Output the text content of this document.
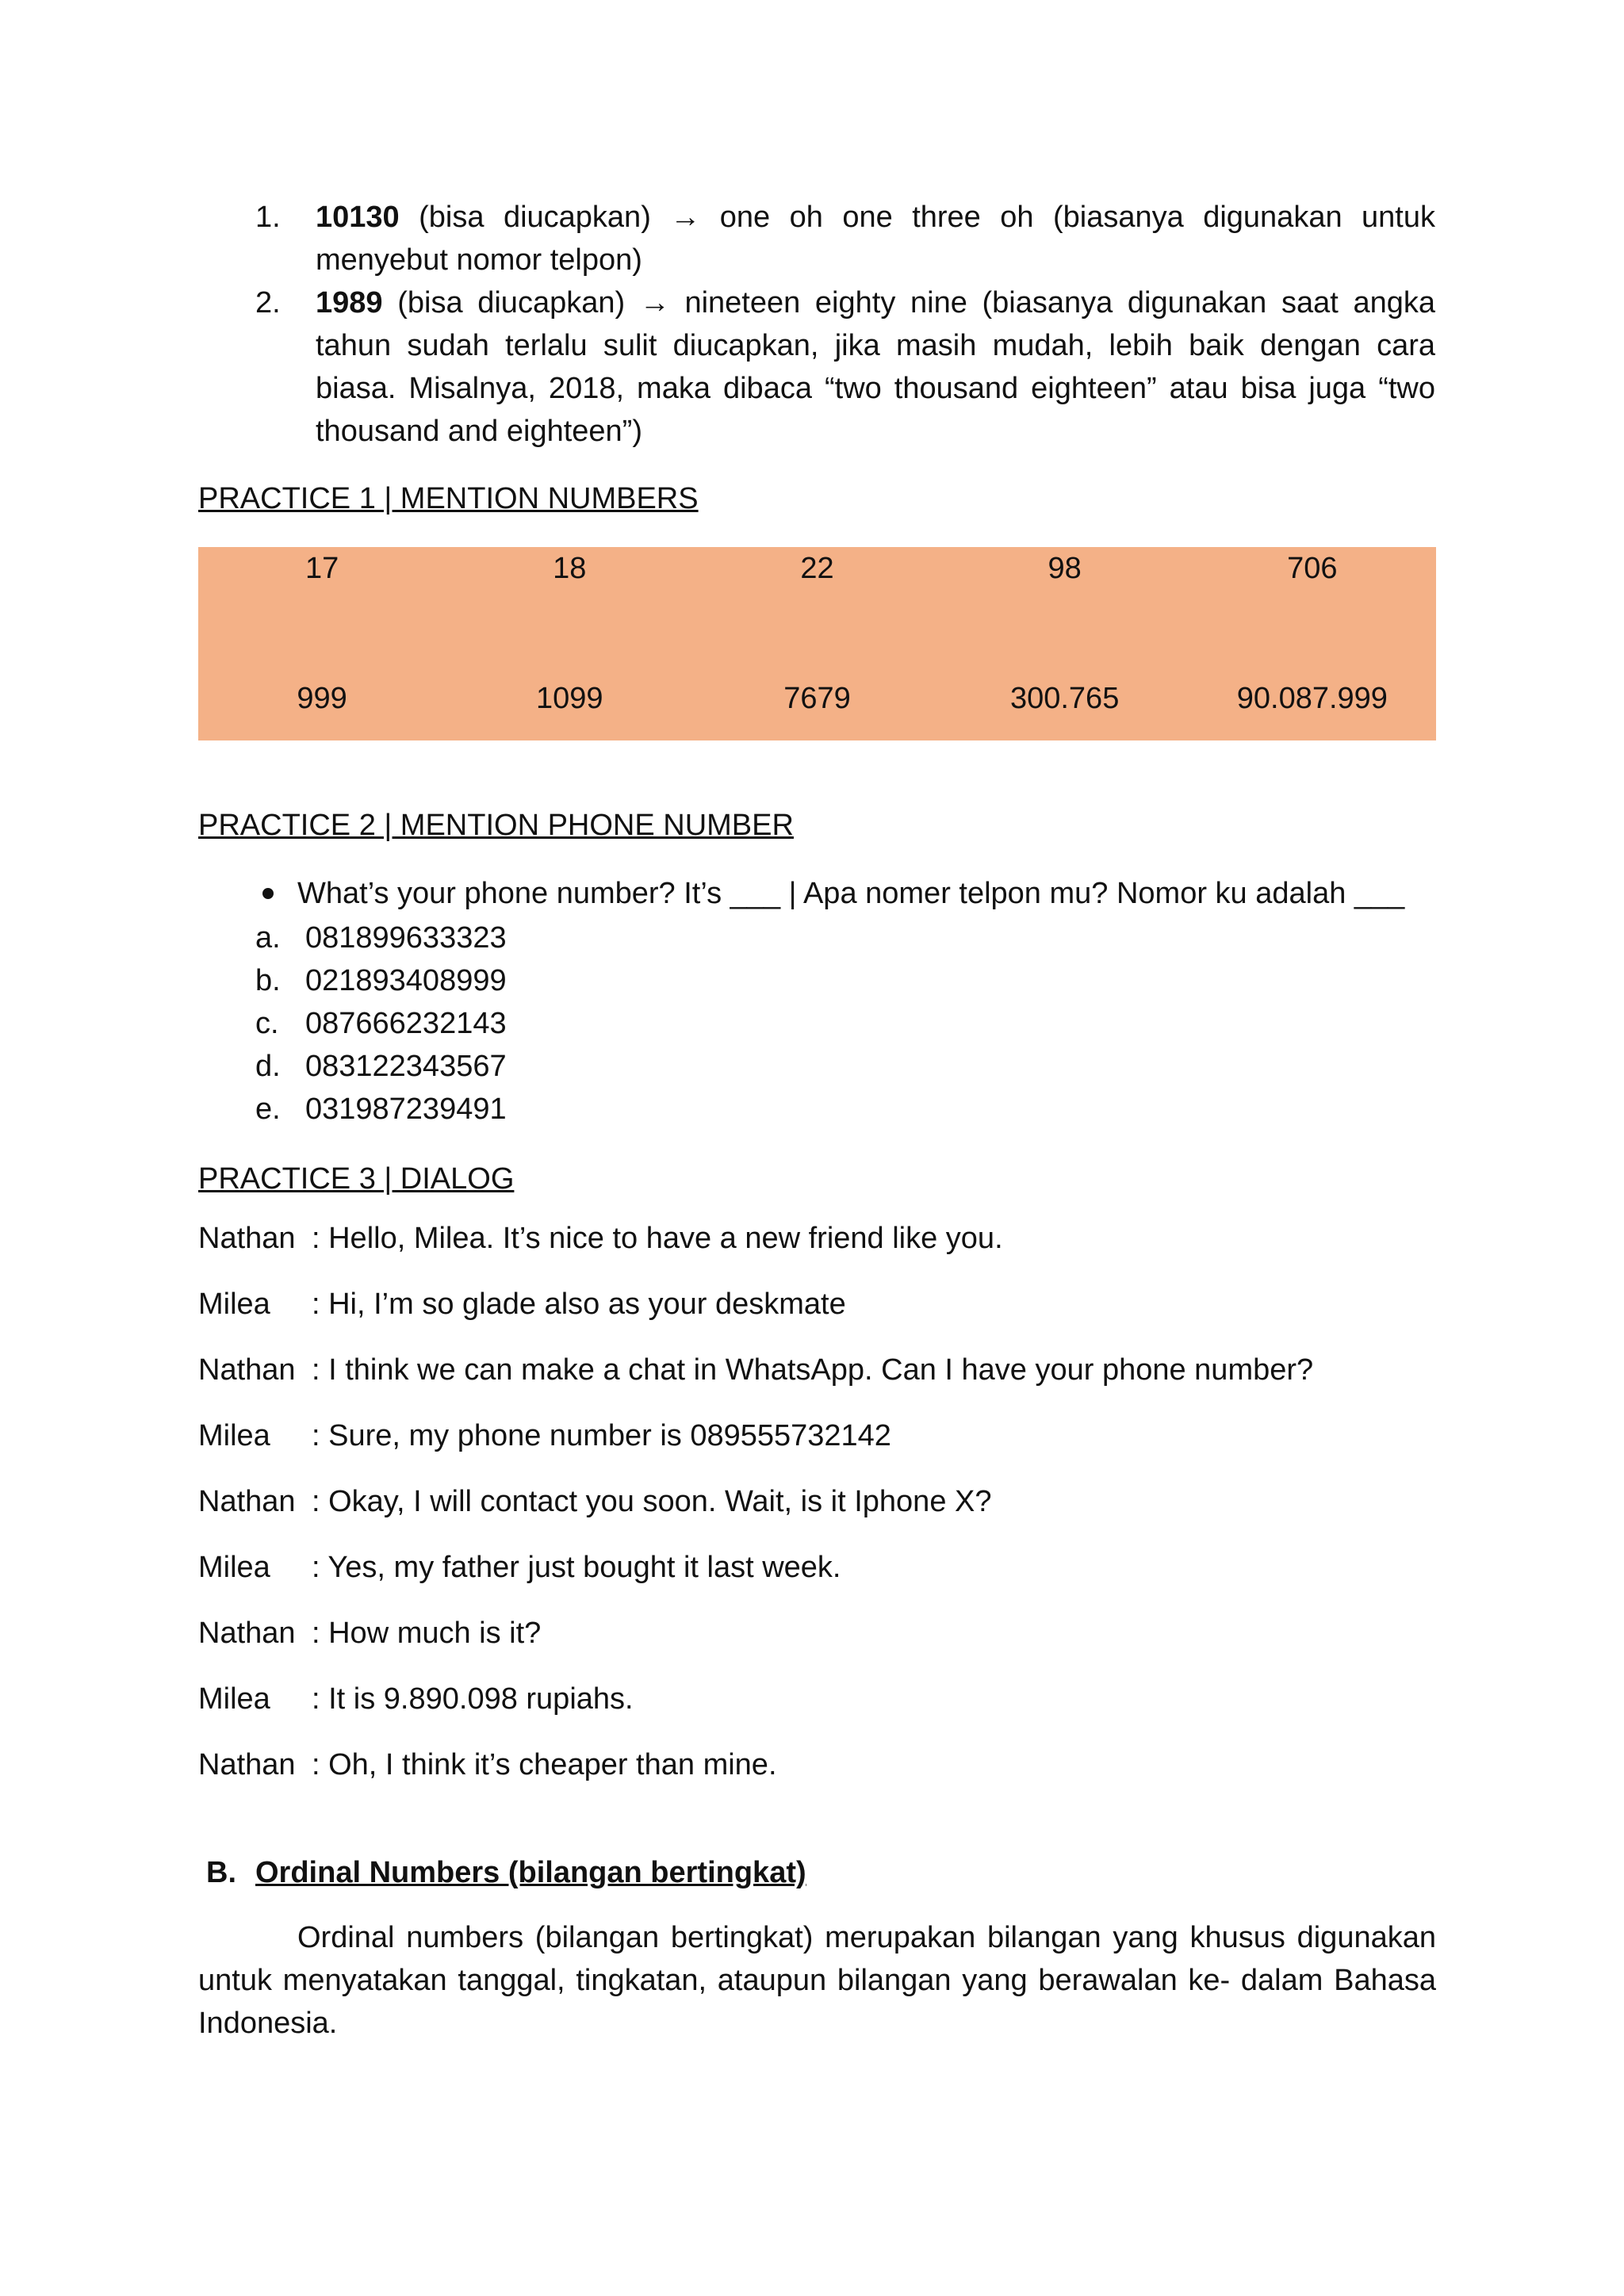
1.	10130 (bisa diucapkan) → one oh one three oh (biasanya digunakan untuk menyebut nomor telpon)
2.	1989 (bisa diucapkan) → nineteen eighty nine (biasanya digunakan saat angka tahun sudah terlalu sulit diucapkan, jika masih mudah, lebih baik dengan cara biasa. Misalnya, 2018, maka dibaca “two thousand eighteen” atau bisa juga “two thousand and eighteen”)
PRACTICE 1 | MENTION NUMBERS
17	18	22	98	706
999	1099	7679	300.765	90.087.999
PRACTICE 2 | MENTION PHONE NUMBER
What’s your phone number? It’s ___ | Apa nomer telpon mu? Nomor ku adalah ___
a. 081899633323
b. 021893408999
c. 087666232143
d. 083122343567
e. 031987239491
PRACTICE 3 | DIALOG
Nathan : Hello, Milea. It’s nice to have a new friend like you.
Milea	: Hi, I’m so glade also as your deskmate
Nathan : I think we can make a chat in WhatsApp. Can I have your phone number?
Milea	: Sure, my phone number is 089555732142
Nathan : Okay, I will contact you soon. Wait, is it Iphone X?
Milea	: Yes, my father just bought it last week.
Nathan : How much is it?
Milea	: It is 9.890.098 rupiahs.
Nathan : Oh, I think it’s cheaper than mine.
B. Ordinal Numbers (bilangan bertingkat)
Ordinal numbers (bilangan bertingkat) merupakan bilangan yang khusus digunakan untuk menyatakan tanggal, tingkatan, ataupun bilangan yang berawalan ke- dalam Bahasa Indonesia.
